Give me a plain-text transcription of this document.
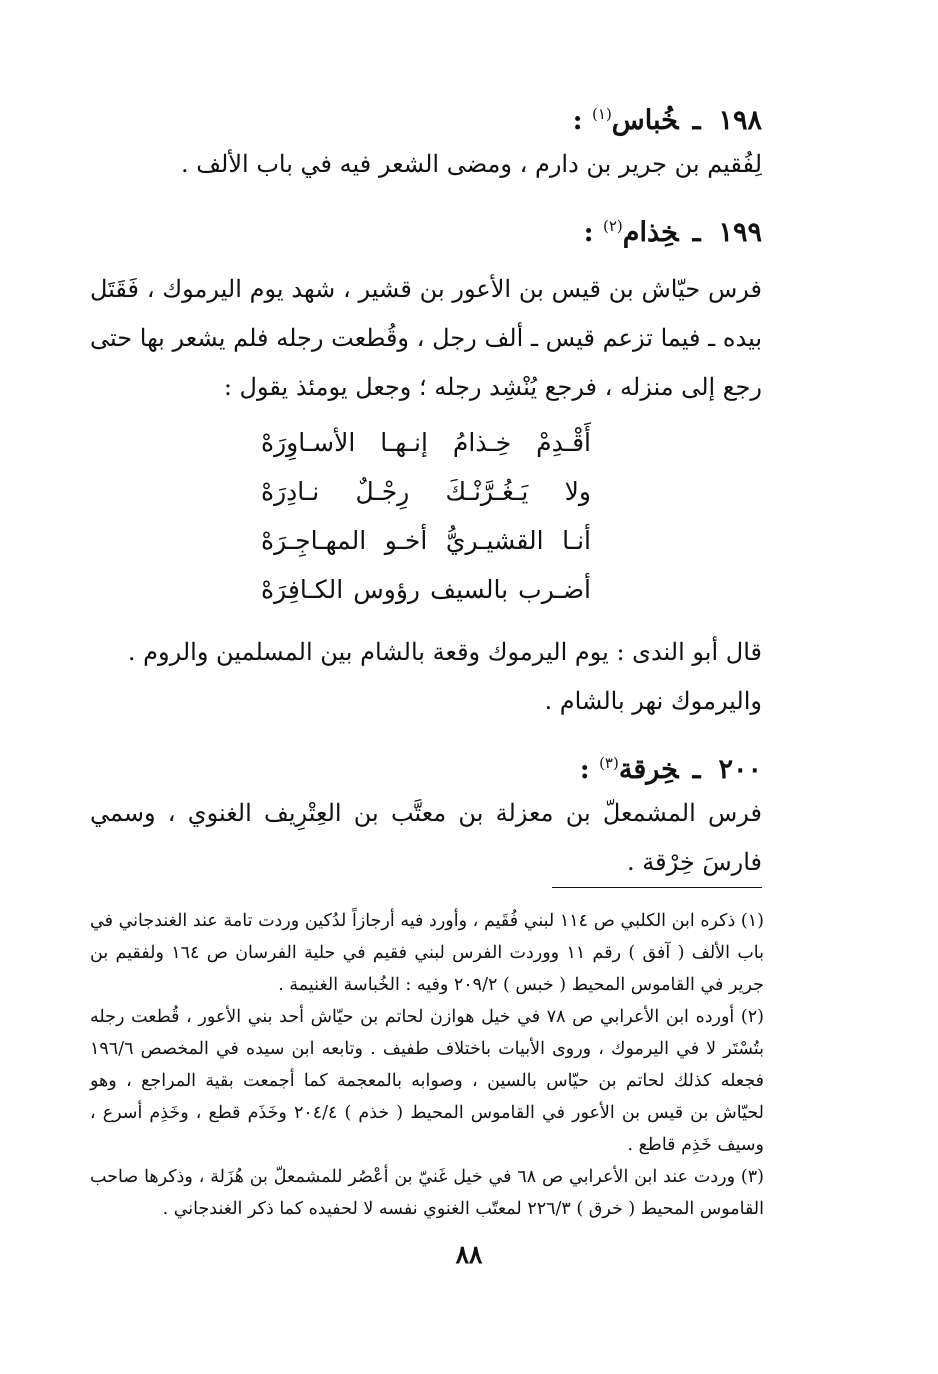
١٩٨ـخُباس$^{(١)}$ :

لِفُقيم بن جرير بن دارم ، ومضى الشعر فيه في باب الألف .

١٩٩ـخِذام$^{(٢)}$ :

فرس حيّاش بن قيس بن الأعور بن قشير ، شهد يوم اليرموك ، فَقَتَل بيده ـ فيما تزعم قيس ـ ألف رجل ، وقُطعت رجله فلم يشعر بها حتى رجع إلى منزله ، فرجع يُنْشِد رجله ؛ وجعل يومئذ يقول :

أَقْـدِمْ خِـذامُ إنـهـا الأسـاوِرَهْ
ولا يَـغُـرَّنْـكَ رِجْـلٌ نـادِرَهْ
أنـا القشيـريُّ أخـو المهـاجِـرَهْ
أضـرب بالسيف رؤوس الكـافِرَهْ

قال أبو الندى : يوم اليرموك وقعة بالشام بين المسلمين والروم .

واليرموك نهر بالشام .

٢٠٠ـخِرقة$^{(٣)}$ :

فرس المشمعلّ بن معزلة بن معتَّب بن العِتْرِيف الغنوي ، وسمي فارسَ خِرْقة .

(١) ذكره ابن الكلبي ص ١١٤ لبني فُقَيم ، وأورد فيه أرجازاً لدُكين وردت تامة عند الغندجاني في باب الألف ( آفق ) رقم ١١ ووردت الفرس لبني فقيم في حلية الفرسان ص ١٦٤ ولفقيم بن جرير في القاموس المحيط ( خبس ) ٢٠٩/٢ وفيه : الخُباسة الغنيمة .

(٢) أورده ابن الأعرابي ص ٧٨ في خيل هوازن لحاتم بن حيّاش أحد بني الأعور ، قُطعت رجله بتُسْتَر لا في اليرموك ، وروى الأبيات باختلاف طفيف . وتابعه ابن سيده في المخصص ١٩٦/٦ فجعله كذلك لحاتم بن حيّاس بالسين ، وصوابه بالمعجمة كما أجمعت بقية المراجع ، وهو لحيّاش بن قيس بن الأعور في القاموس المحيط ( خذم ) ٢٠٤/٤ وخَذَم قطع ، وخَذِم أسرع ، وسيف خَذِم قاطع .

(٣) وردت عند ابن الأعرابي ص ٦٨ في خيل غَنيّ بن أعْصُر للمشمعلّ بن هُزَلة ، وذكرها صاحب القاموس المحيط ( خرق ) ٢٢٦/٣ لمعتّب الغنوي نفسه لا لحفيده كما ذكر الغندجاني .

٨٨
